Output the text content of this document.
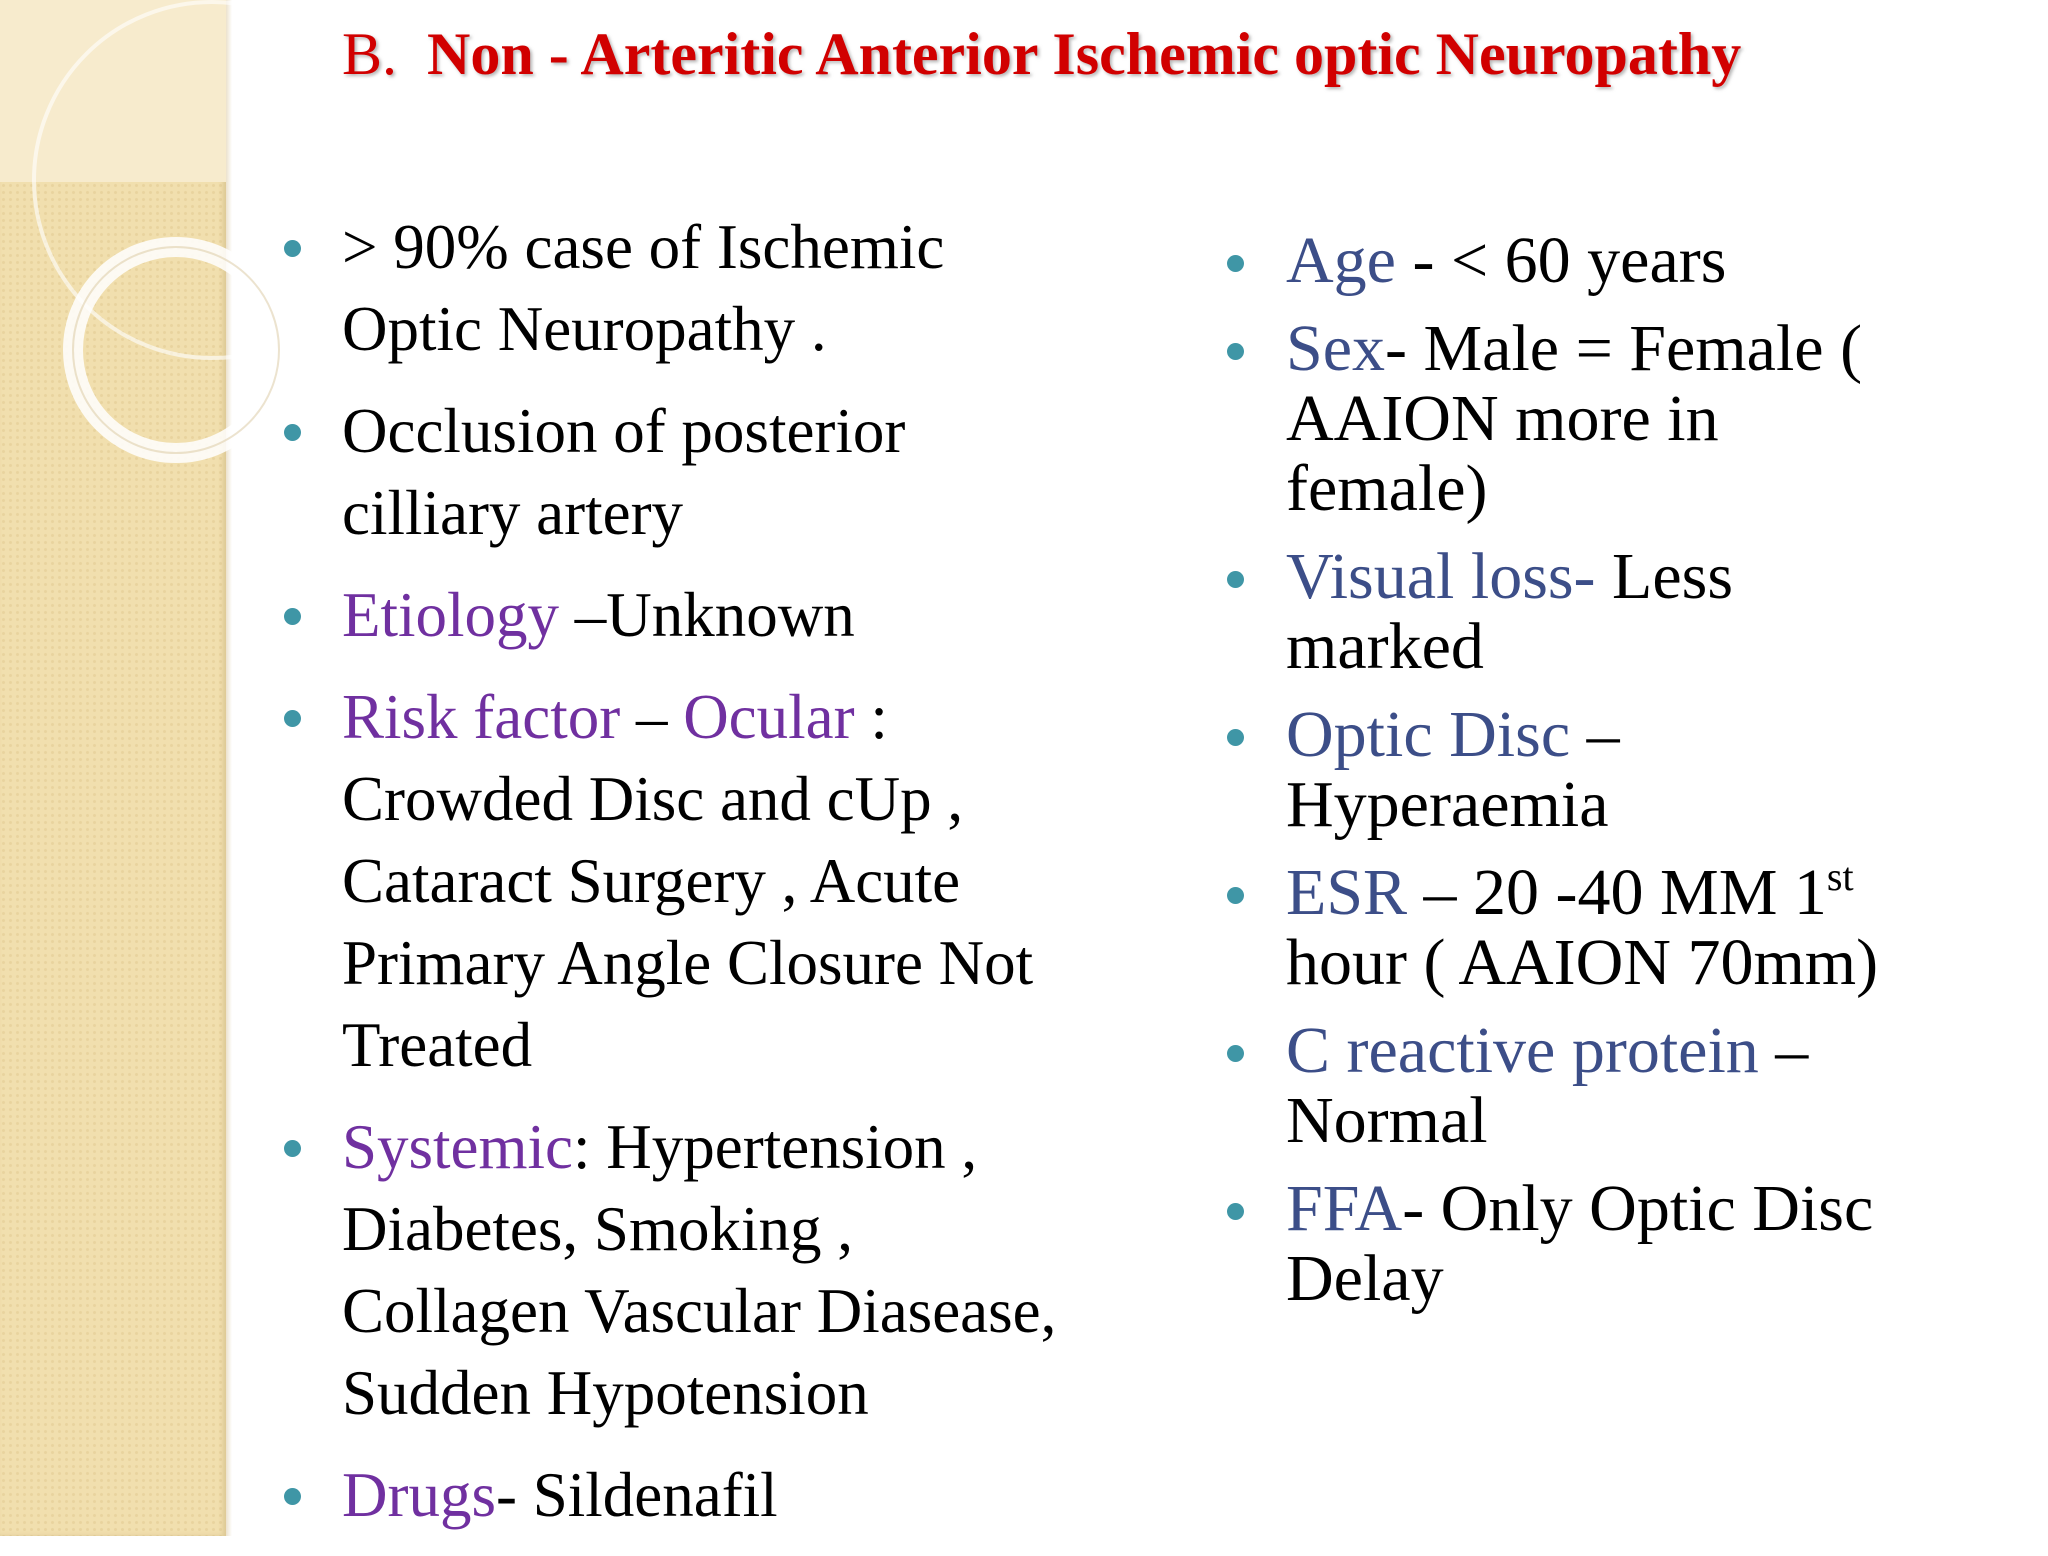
B. Non - Arteritic Anterior Ischemic optic Neuropathy
> 90% case of Ischemic
Optic Neuropathy .
Occlusion of posterior
cilliary artery
Etiology –Unknown
Risk factor – Ocular :
Crowded Disc and cUp ,
Cataract Surgery , Acute
Primary Angle Closure Not
Treated
Systemic: Hypertension ,
Diabetes, Smoking ,
Collagen Vascular Diasease,
Sudden Hypotension
Drugs- Sildenafil
Age - < 60 years
Sex- Male = Female (
AAION more in
female)
Visual loss- Less
marked
Optic Disc –
Hyperaemia
ESR – 20 -40 MM 1st
hour ( AAION 70mm)
C reactive protein –
Normal
FFA- Only Optic Disc
Delay
